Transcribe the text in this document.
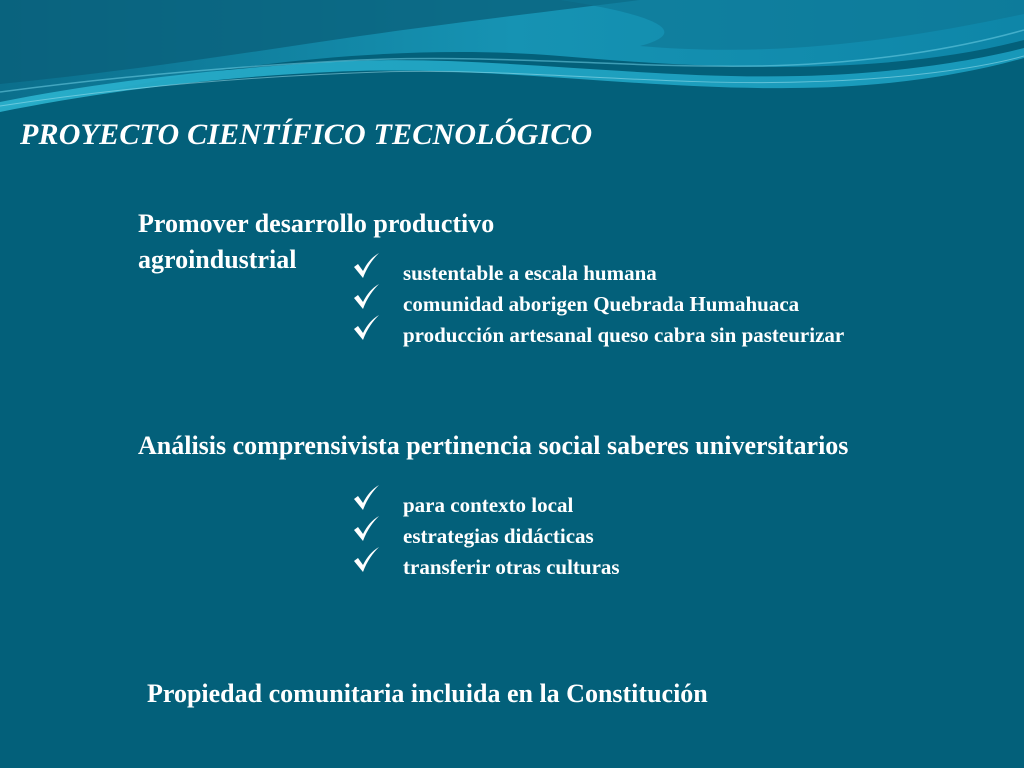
PROYECTO CIENTÍFICO TECNOLÓGICO
Promover desarrollo productivo
agroindustrial	sustentable a escala humana
comunidad aborigen Quebrada Humahuaca
producción artesanal queso cabra sin pasteurizar
Análisis comprensivista pertinencia social saberes universitarios
para contexto local
estrategias didácticas
transferir otras culturas
Propiedad comunitaria incluida en la Constitución
